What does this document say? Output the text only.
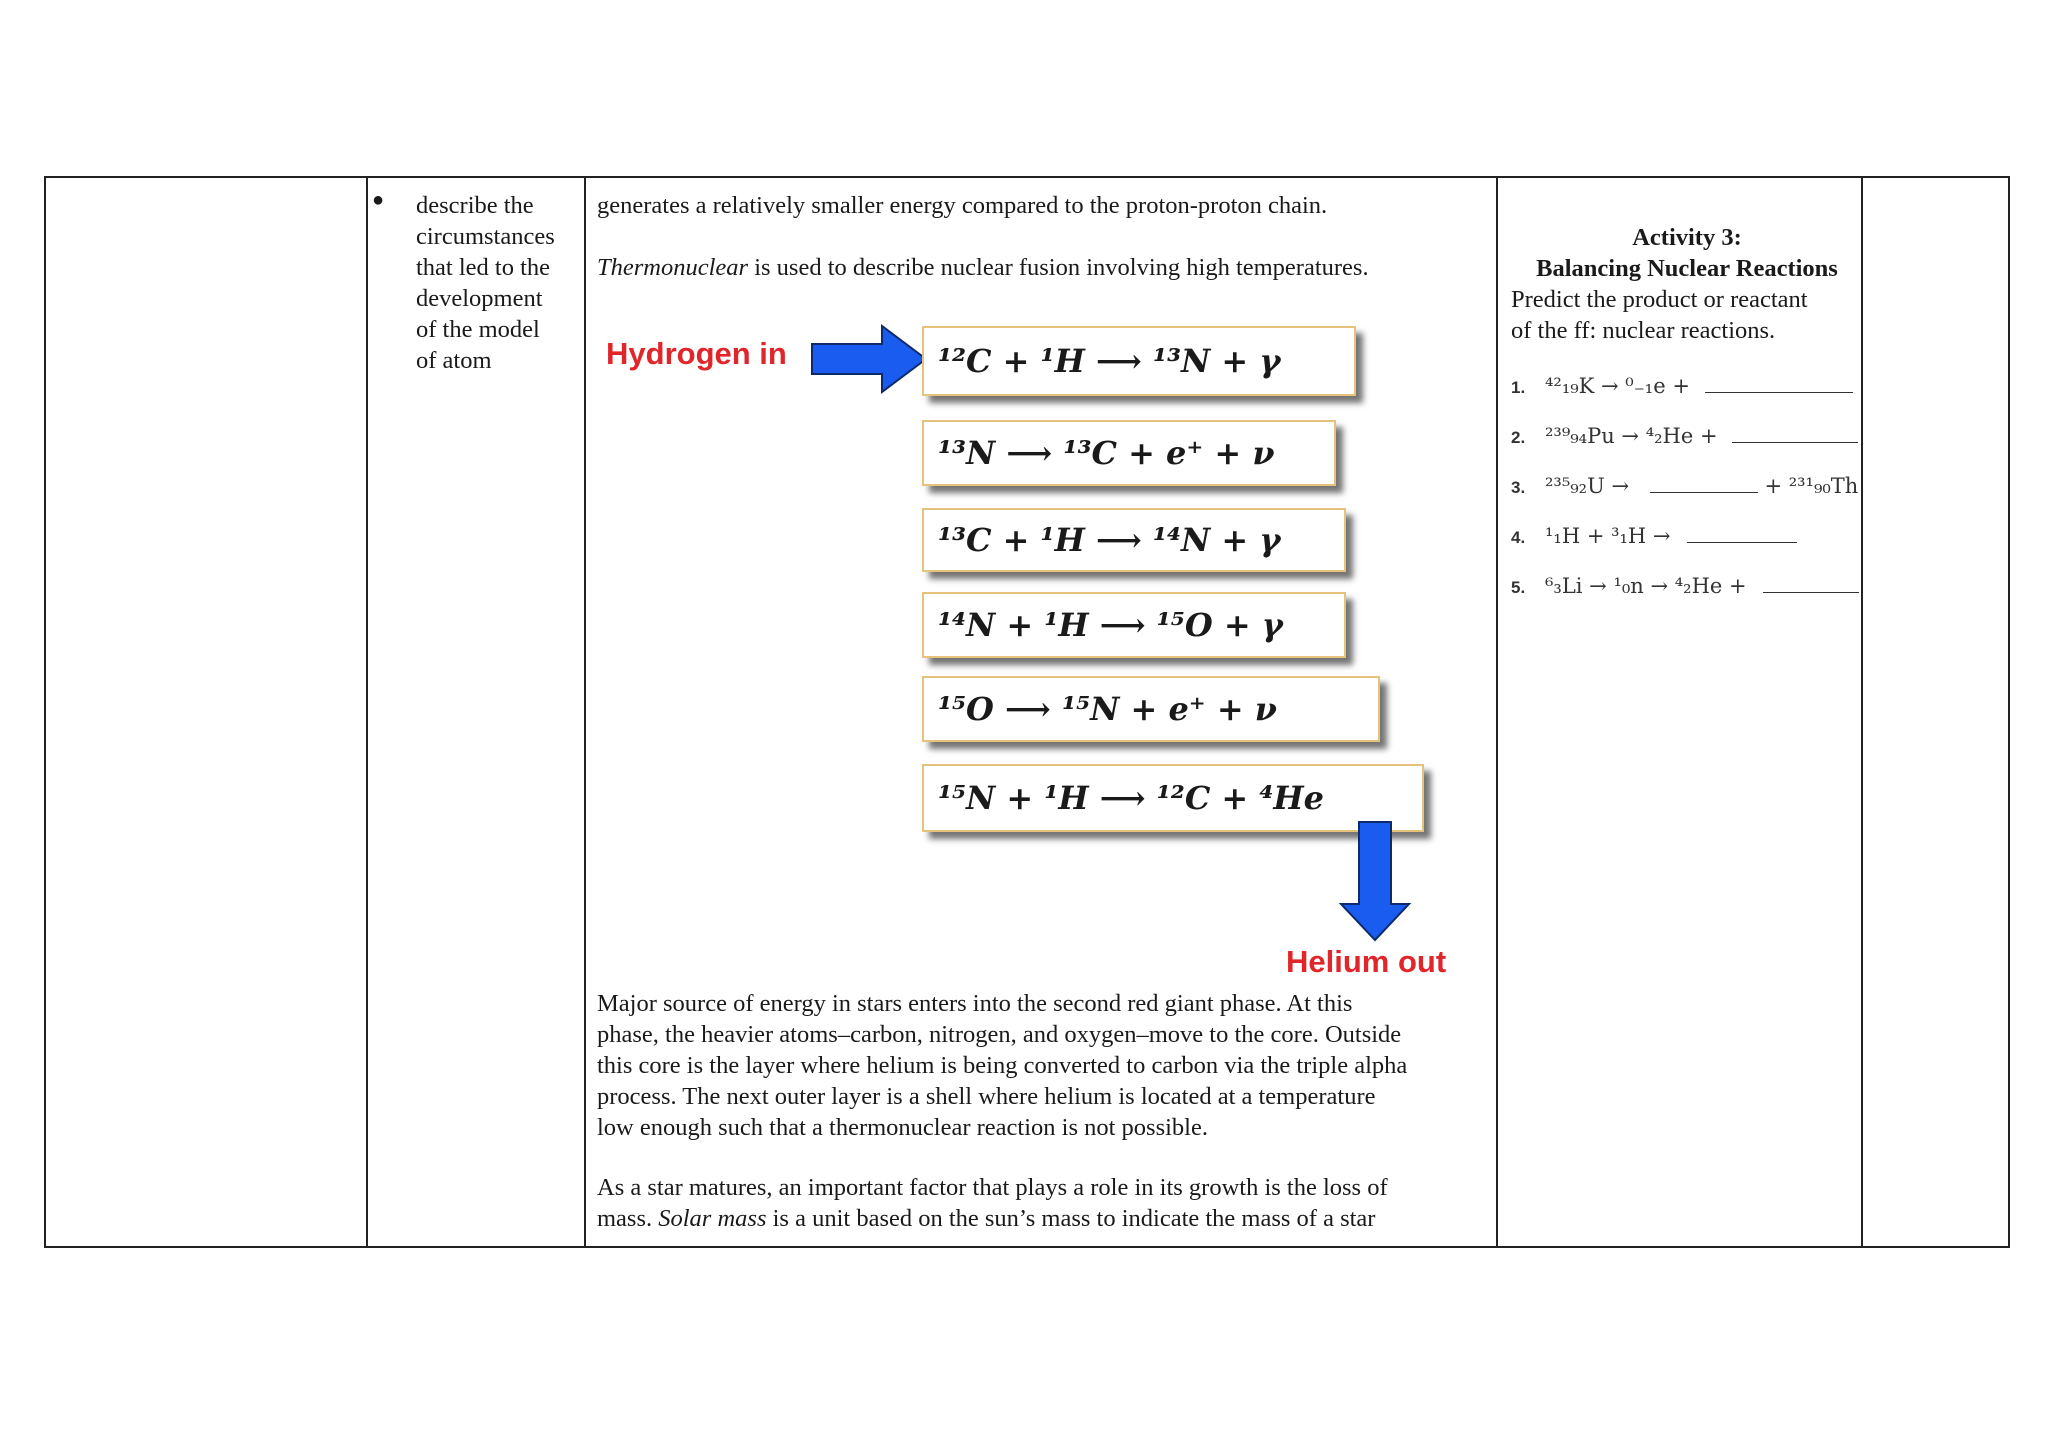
● describe the
circumstances
that led to the
development
of the model
of atom
generates a relatively smaller energy compared to the proton-proton chain.
Thermonuclear is used to describe nuclear fusion involving high temperatures.
Hydrogen in	¹²C + ¹H ⟶ ¹³N + γ
¹³N ⟶ ¹³C + e⁺ + ν
¹³C + ¹H ⟶ ¹⁴N + γ
¹⁴N + ¹H ⟶ ¹⁵O + γ
¹⁵O ⟶ ¹⁵N + e⁺ + ν
¹⁵N + ¹H ⟶ ¹²C + ⁴He
Helium out
Major source of energy in stars enters into the second red giant phase. At this
phase, the heavier atoms–carbon, nitrogen, and oxygen–move to the core. Outside
this core is the layer where helium is being converted to carbon via the triple alpha
process. The next outer layer is a shell where helium is located at a temperature
low enough such that a thermonuclear reaction is not possible.
As a star matures, an important factor that plays a role in its growth is the loss of
mass. Solar mass is a unit based on the sun’s mass to indicate the mass of a star
Activity 3:
Balancing Nuclear Reactions
Predict the product or reactant
of the ff: nuclear reactions.
1. ⁴²₁₉K → ⁰₋₁e +
2. ²³⁹₉₄Pu → ⁴₂He +
3. ²³⁵₉₂U →	+ ²³¹₉₀Th
4. ¹₁H + ³₁H →
5. ⁶₃Li → ¹₀n → ⁴₂He +
